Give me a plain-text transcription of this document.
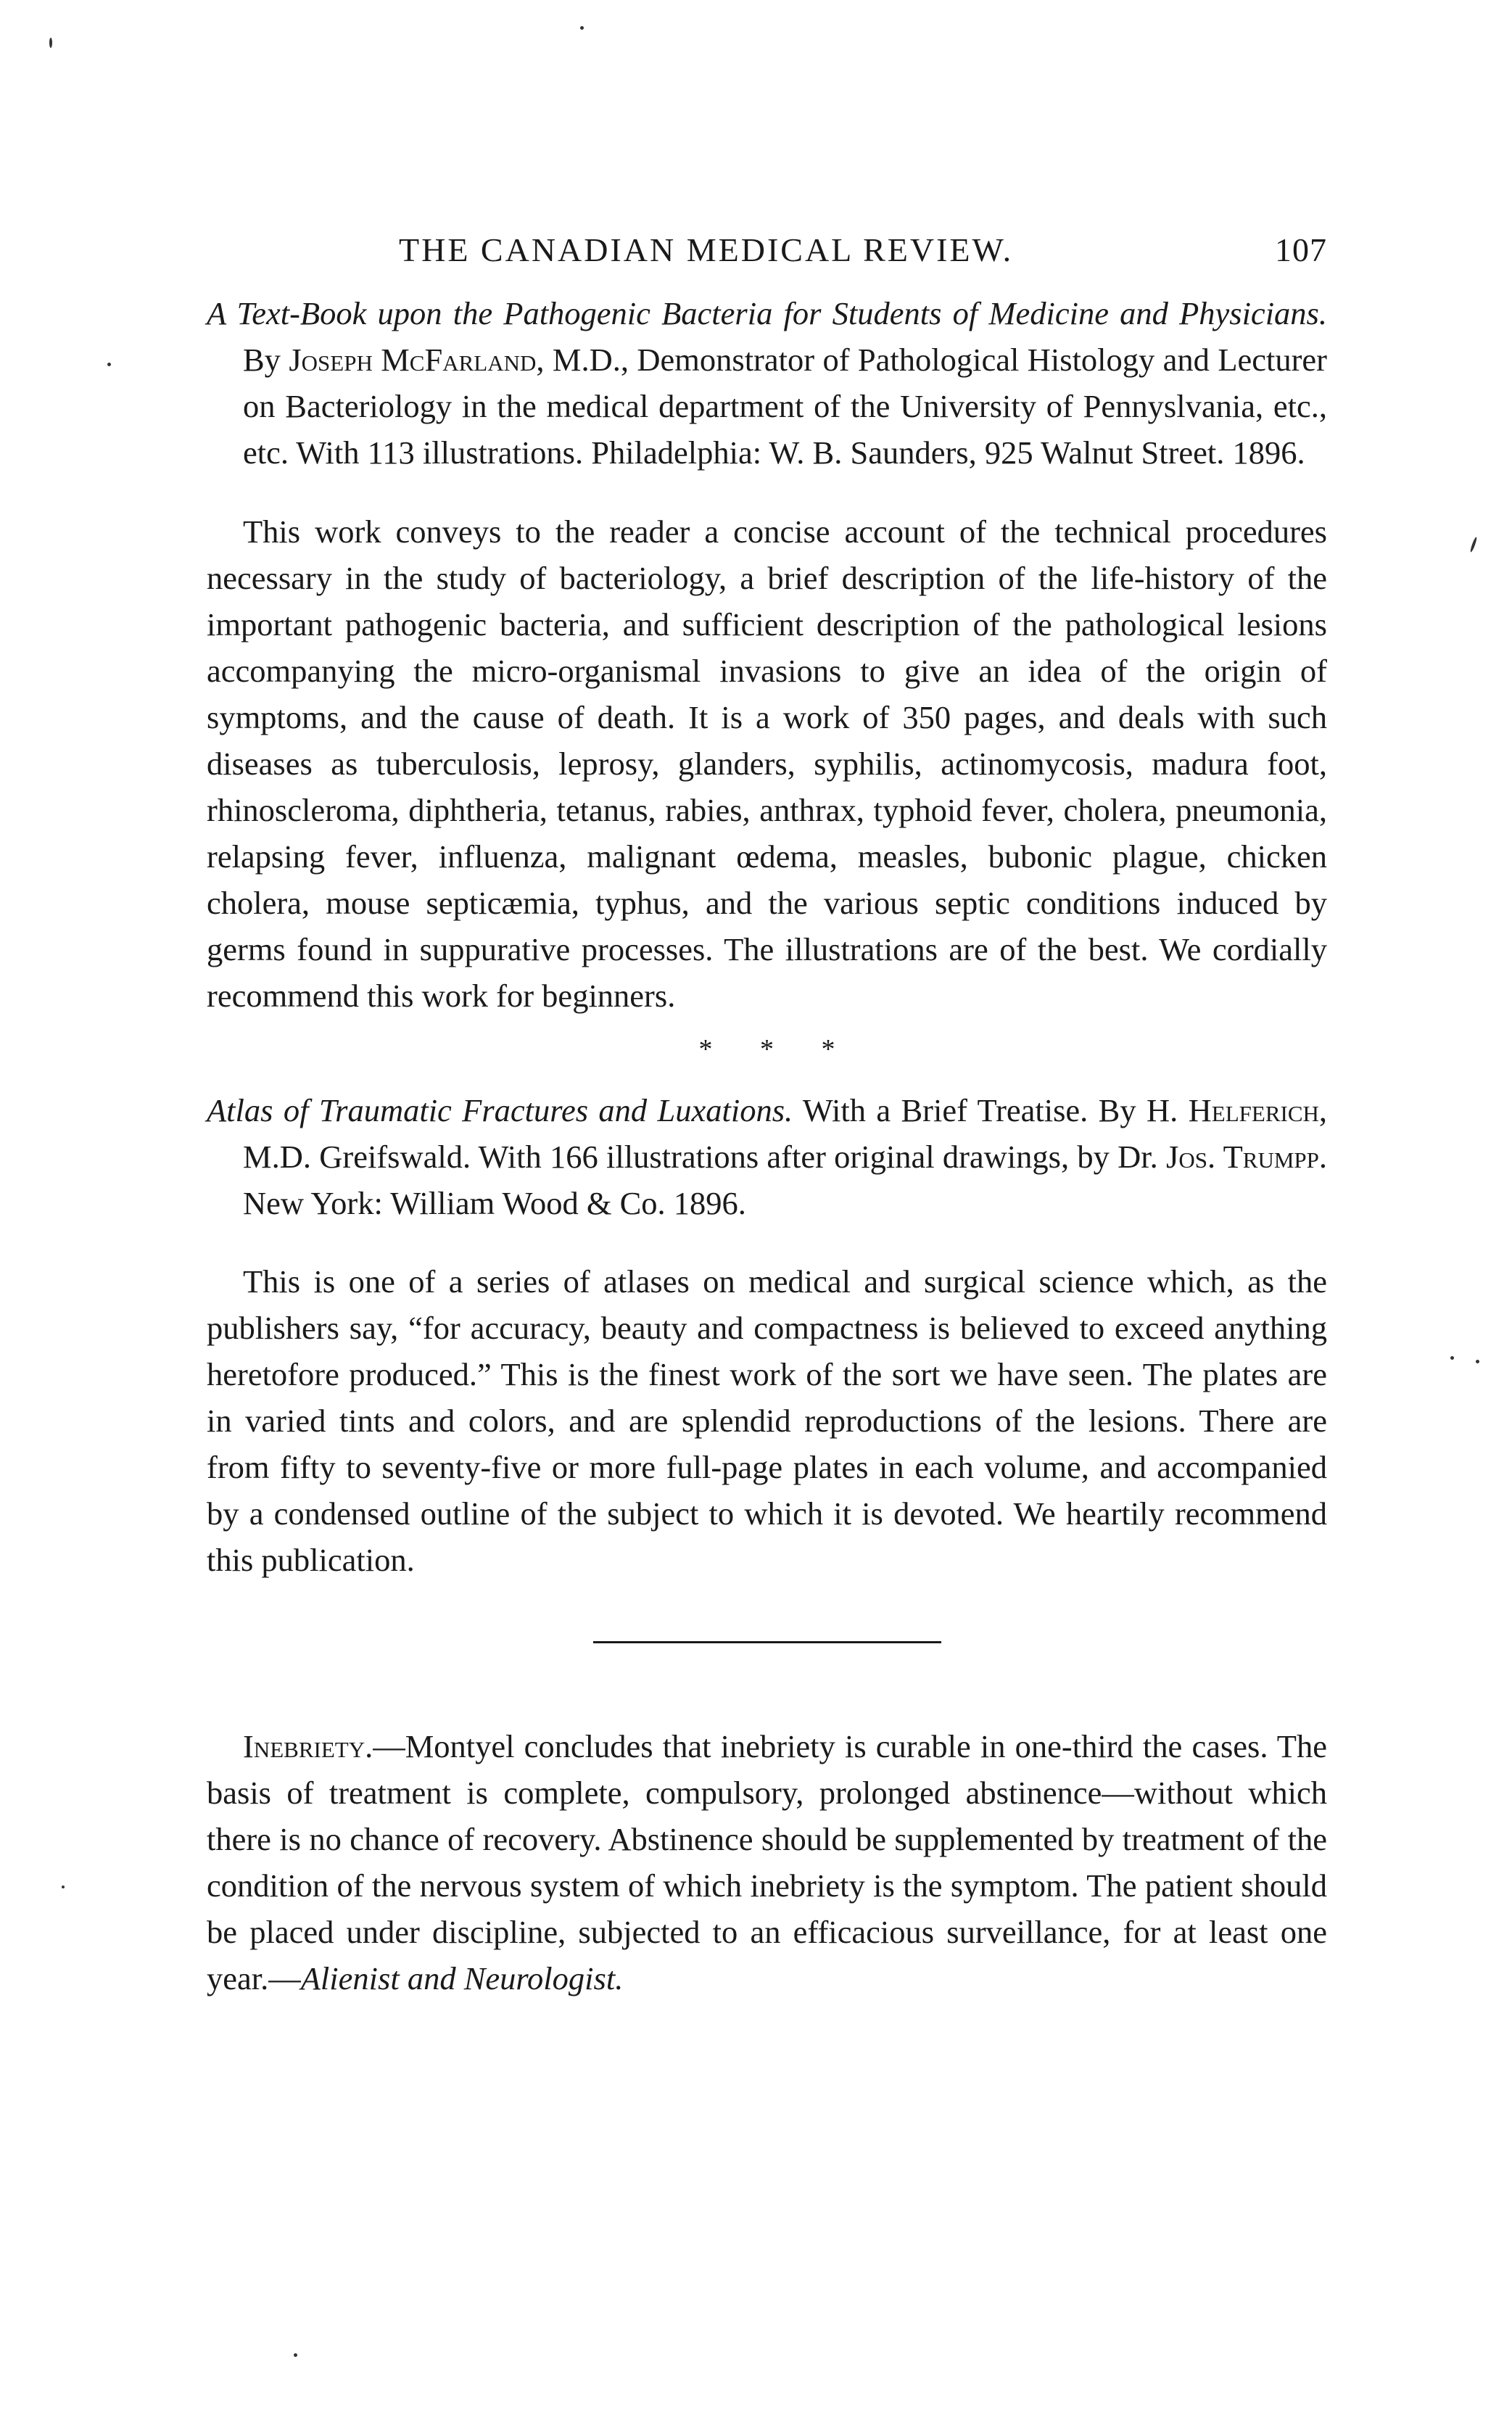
THE CANADIAN MEDICAL REVIEW.	107

A Text-Book upon the Pathogenic Bacteria for Students of Medicine and Physicians. By Joseph McFarland, M.D., Demonstrator of Pathological Histology and Lecturer on Bacteriology in the medical department of the University of Pennyslvania, etc., etc. With 113 illustrations. Philadelphia: W. B. Saunders, 925 Walnut Street. 1896.

This work conveys to the reader a concise account of the technical procedures necessary in the study of bacteriology, a brief description of the life-history of the important pathogenic bacteria, and sufficient description of the pathological lesions accompanying the micro-organismal invasions to give an idea of the origin of symptoms, and the cause of death. It is a work of 350 pages, and deals with such diseases as tuberculosis, leprosy, glanders, syphilis, actinomycosis, madura foot, rhinoscleroma, diphtheria, tetanus, rabies, anthrax, typhoid fever, cholera, pneumonia, relapsing fever, influenza, malignant œdema, measles, bubonic plague, chicken cholera, mouse septicæmia, typhus, and the various septic conditions induced by germs found in suppurative processes. The illustrations are of the best. We cordially recommend this work for beginners.

* * *

Atlas of Traumatic Fractures and Luxations. With a Brief Treatise. By H. Helferich, M.D. Greifswald. With 166 illustrations after original drawings, by Dr. Jos. Trumpp. New York: William Wood & Co. 1896.

This is one of a series of atlases on medical and surgical science which, as the publishers say, “for accuracy, beauty and compactness is believed to exceed anything heretofore produced.” This is the finest work of the sort we have seen. The plates are in varied tints and colors, and are splendid reproductions of the lesions. There are from fifty to seventy-five or more full-page plates in each volume, and accompanied by a condensed outline of the subject to which it is devoted. We heartily recommend this publication.

Inebriety.—Montyel concludes that inebriety is curable in one-third the cases. The basis of treatment is complete, compulsory, prolonged abstinence—without which there is no chance of recovery. Abstinence should be supplemented by treatment of the condition of the nervous system of which inebriety is the symptom. The patient should be placed under discipline, subjected to an efficacious surveillance, for at least one year.—Alienist and Neurologist.
